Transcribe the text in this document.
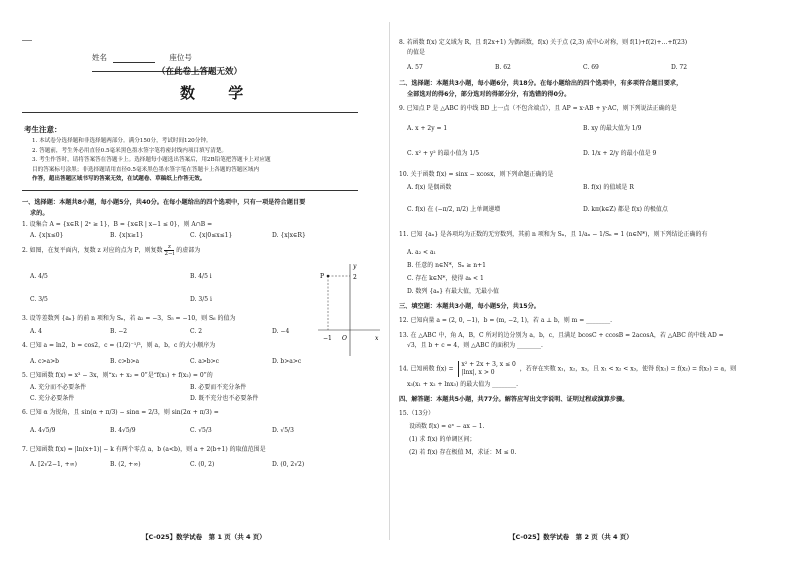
姓名	座位号
（在此卷上答题无效）
数 学
考生注意：
1. 本试卷分选择题和非选择题两部分。满分150分，考试时间120分钟。
2. 答题前，考生务必用直径0.5毫米黑色墨水签字笔将密封线内项目填写清楚。
3. 考生作答时，请将答案答在答题卡上。选择题每小题选出答案后，用2B铅笔把答题卡上对应题
目的答案标号涂黑；非选择题请用直径0.5毫米黑色墨水签字笔在答题卡上各题的答题区域内
作答，超出答题区域书写的答案无效，在试题卷、草稿纸上作答无效。
一、选择题：本题共8小题，每小题5分，共40分。在每小题给出的四个选项中，只有一项是符合题目要
求的。
1. 设集合 A = {x∈R | 2ˣ ≥ 1}，B = {x∈R | x−1 ≤ 0}，则 A∩B =
A. {x|x≤0}	B. {x|x≥1}	C. {x|0≤x≤1}	D. {x|x∈R}
2. 如图，在复平面内，复数 z 对应的点为 P，则复数 $\frac{z}{2-i}$ 的虚部为
A. 4/5	B. 4/5 i
C. 3/5	D. 3/5 i
P
y
x
2
O
−1
3. 设等差数列 {aₙ} 的前 n 项和为 Sₙ，若 a₂ = −3，S₅ = −10，则 S₆ 的值为
A. 4	B. −2	C. 2	D. −4
4. 已知 a = ln2，b = cos2，c = (1/2)⁻¹/³，则 a，b，c 的大小顺序为
A. c>a>b	B. c>b>a	C. a>b>c	D. b>a>c
5. 已知函数 f(x) = x³ − 3x，则“x₁ + x₂ = 0”是“f(x₁) + f(x₂) = 0”的
A. 充分而不必要条件	B. 必要而不充分条件
C. 充分必要条件	D. 既不充分也不必要条件
6. 已知 α 为锐角，且 sin(α + π/3) − sinα = 2/3，则 sin(2α + π/3) =
A. 4√5/9	B. 4√5/9	C. √5/3	D. √5/3
7. 已知函数 f(x) = |ln(x+1)| − k 有两个零点 a，b (a<b)，则 a + 2(b+1) 的取值范围是
A. [2√2−1, +∞)	B. (2, +∞)	C. (0, 2)	D. (0, 2√2)
【C-025】数学试卷　第 1 页（共 4 页）
8. 若函数 f(x) 定义域为 R，且 f(2x+1) 为偶函数，f(x) 关于点 (2,3) 成中心对称，则 f(1)+f(2)+…+f(23)
的值是
A. 57	B. 62	C. 69	D. 72
二、选择题：本题共3小题，每小题6分，共18分。在每小题给出的四个选项中，有多项符合题目要求，
全部选对的得6分，部分选对的得部分分，有选错的得0分。
9. 已知点 P 是 △ABC 的中线 BD 上一点（不包含端点），且 AP = x·AB + y·AC，则下列说法正确的是
A. x + 2y = 1	B. xy 的最大值为 1/9
C. x² + y² 的最小值为 1/5	D. 1/x + 2/y 的最小值是 9
10. 关于函数 f(x) = sinx − xcosx，则下列命题正确的是
A. f(x) 是偶函数	B. f(x) 的值域是 R
C. f(x) 在 (−π/2, π/2) 上单调递增	D. kπ(k∈Z) 都是 f(x) 的极值点
11. 已知 {aₙ} 是各项均为正数的无穷数列，其前 n 项和为 Sₙ，且 1/aₙ − 1/Sₙ = 1 (n∈N*)，则下列结论正确的有
A. a₂ < a₁
B. 任意的 n∈N*，Sₙ ≥ n+1
C. 存在 k∈N*，使得 aₖ < 1
D. 数列 {aₙ} 有最大值，无最小值
三、填空题：本题共3小题，每小题5分，共15分。
12. 已知向量 a = (2, 0, −1)，b = (m, −2, 1)，若 a ⊥ b，则 m = ________.
13. 在 △ABC 中，角 A，B，C 所对的边分别为 a，b，c，且满足 bcosC + ccosB = 2acosA，若 △ABC 的中线 AD =
√3，且 b + c = 4，则 △ABC 的面积为 ________.
14. 已知函数 f(x) =
x² + 2x + 3, x ≤ 0
|lnx|, x > 0	，若存在实数 x₁，x₂，x₃，且 x₁ < x₂ < x₃，使得 f(x₁) = f(x₂) = f(x₃) = a，则
x₃(x₁ + x₂ + lnx₃) 的最大值为 ________.
四、解答题：本题共5小题，共77分。解答应写出文字说明、证明过程或演算步骤。
15.（13分）
设函数 f(x) = eˣ − ax − 1.
(1) 求 f(x) 的单调区间；
(2) 若 f(x) 存在极值 M，求证：M ≤ 0.
【C-025】数学试卷　第 2 页（共 4 页）
